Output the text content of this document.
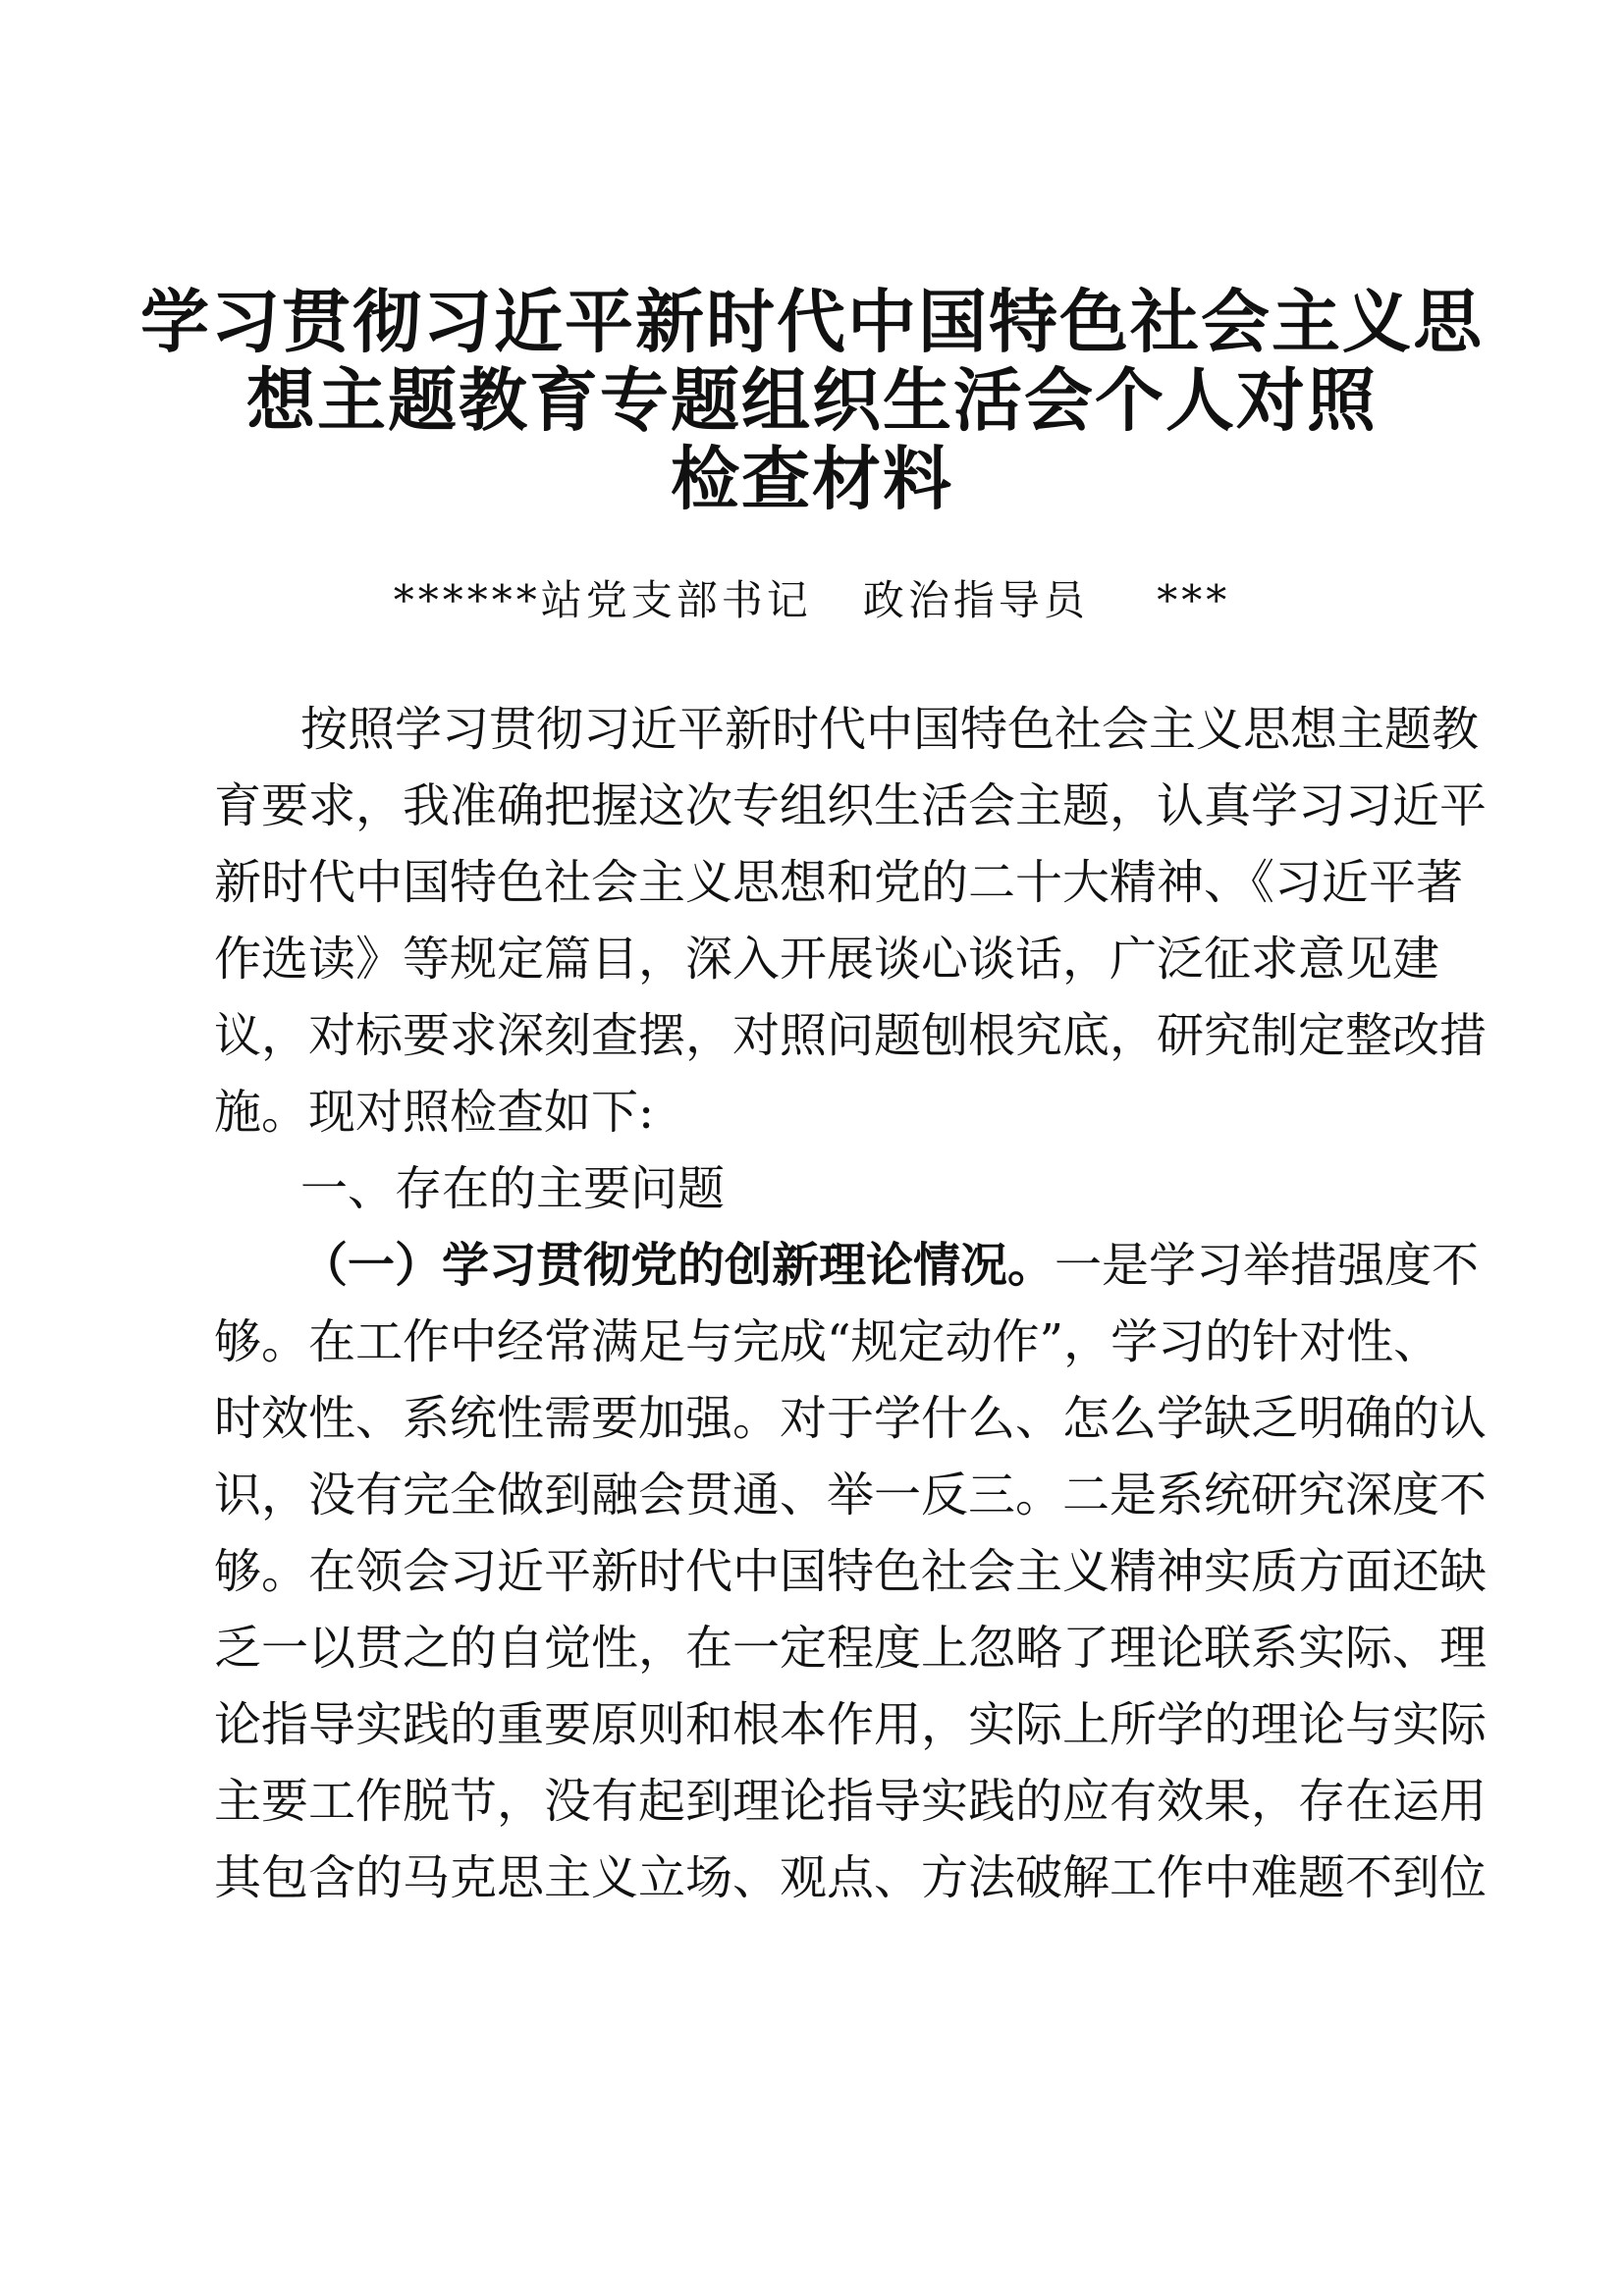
学习贯彻习近平新时代中国特色社会主义思
想主题教育专题组织生活会个人对照
检查材料
******站党支部书记   政治指导员    ***
按照学习贯彻习近平新时代中国特色社会主义思想主题教
育要求，我准确把握这次专组织生活会主题，认真学习习近平
新时代中国特色社会主义思想和党的二十大精神、《习近平著
作选读》等规定篇目，深入开展谈心谈话，广泛征求意见建
议，对标要求深刻查摆，对照问题刨根究底，研究制定整改措
施。现对照检查如下:
一、存在的主要问题
（一）学习贯彻党的创新理论情况。一是学习举措强度不
够。在工作中经常满足与完成“规定动作”，学习的针对性、
时效性、系统性需要加强。对于学什么、怎么学缺乏明确的认
识，没有完全做到融会贯通、举一反三。二是系统研究深度不
够。在领会习近平新时代中国特色社会主义精神实质方面还缺
乏一以贯之的自觉性，在一定程度上忽略了理论联系实际、理
论指导实践的重要原则和根本作用，实际上所学的理论与实际
主要工作脱节，没有起到理论指导实践的应有效果，存在运用
其包含的马克思主义立场、观点、方法破解工作中难题不到位
